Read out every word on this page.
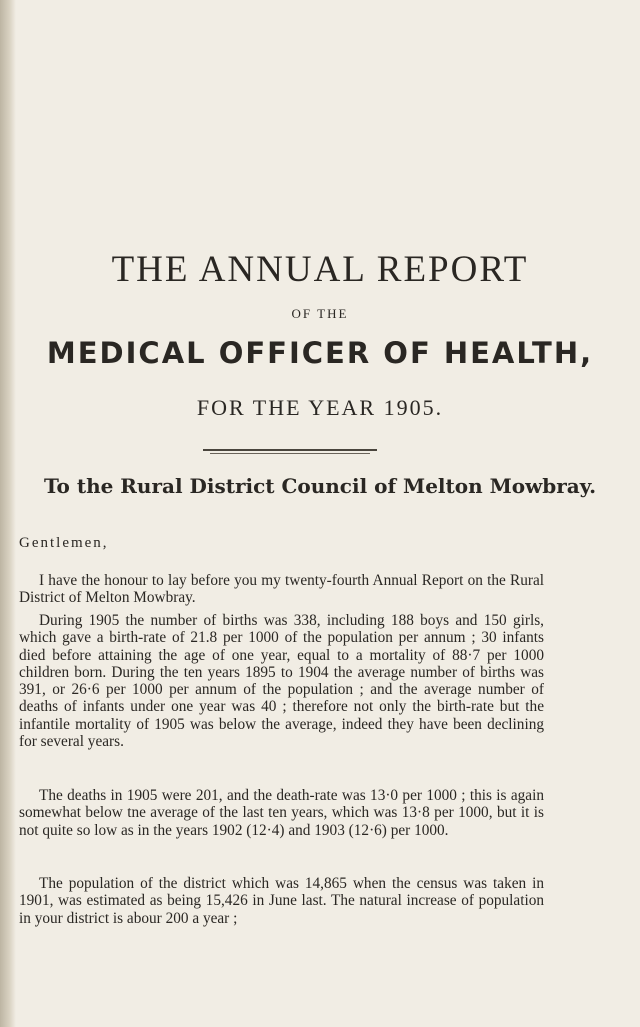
THE ANNUAL REPORT
OF THE
MEDICAL OFFICER OF HEALTH,
FOR THE YEAR 1905.
To the Rural District Council of Melton Mowbray.
Gentlemen,

I have the honour to lay before you my twenty-fourth Annual Report on the Rural District of Melton Mowbray.

During 1905 the number of births was 338, including 188 boys and 150 girls, which gave a birth-rate of 21.8 per 1000 of the population per annum ; 30 infants died before attaining the age of one year, equal to a mortality of 88·7 per 1000 children born. During the ten years 1895 to 1904 the average number of births was 391, or 26·6 per 1000 per annum of the population ; and the average number of deaths of infants under one year was 40 ; therefore not only the birth-rate but the infantile mortality of 1905 was below the average, indeed they have been declining for several years.

The deaths in 1905 were 201, and the death-rate was 13·0 per 1000 ; this is again somewhat below tne average of the last ten years, which was 13·8 per 1000, but it is not quite so low as in the years 1902 (12·4) and 1903 (12·6) per 1000.

The population of the district which was 14,865 when the census was taken in 1901, was estimated as being 15,426 in June last. The natural increase of population in your district is abour 200 a year ;
